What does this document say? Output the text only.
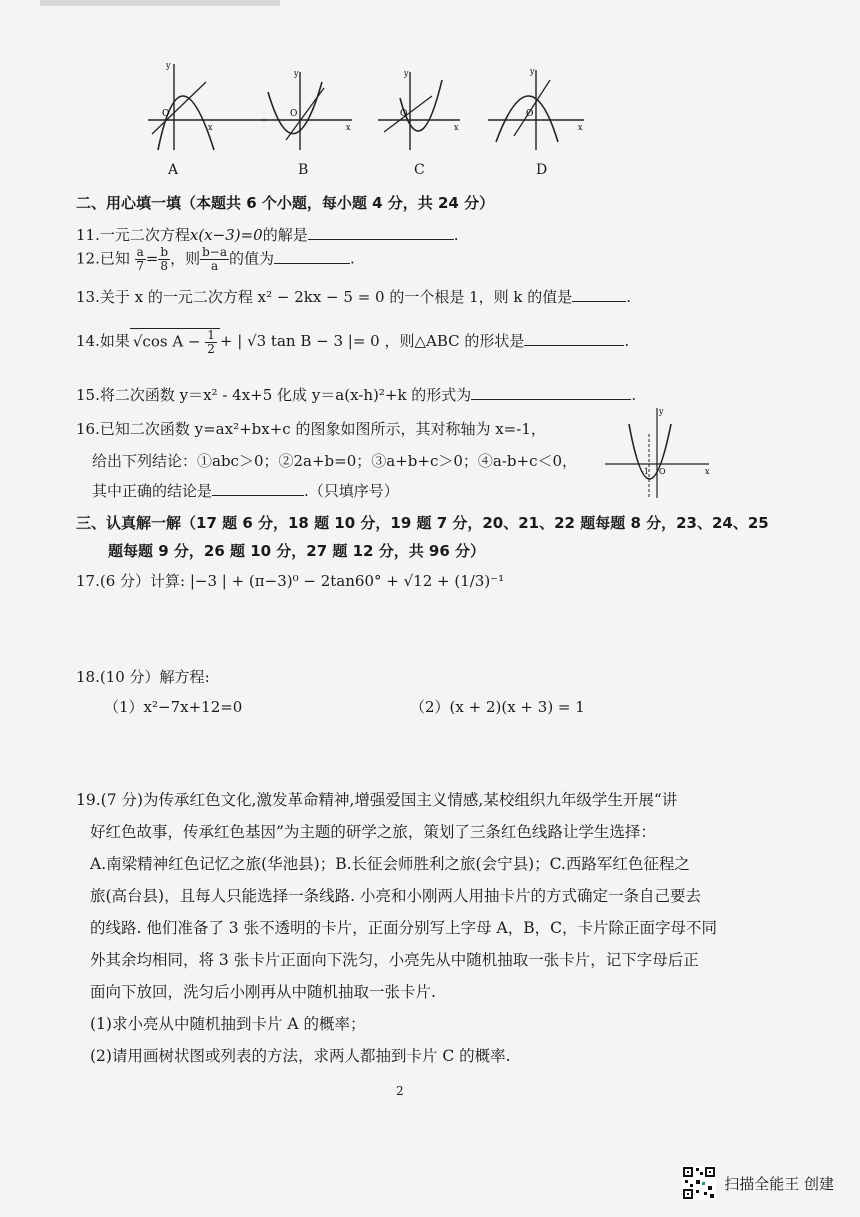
O
y
x
A
O
y
x
B
O
y
x
C
O
y
x
D
二、用心填一填（本题共 6 个小题，每小题 4 分，共 24 分）
11.一元二次方程x(x−3)=0的解是	.
12.已知 $\frac{a}{7} = \frac{b}{8}$ ，则 $\frac{b-a}{a}$ 的值为	.
13.关于 x 的一元二次方程 x² − 2kx − 5 = 0 的一个根是 1，则 k 的值是	.
14.如果 √cos $A - \frac{1}{2}$ + | √3 tan B − 3 |= 0 ，则△ABC 的形状是	.
15.将二次函数 y＝x² - 4x+5 化成 y＝a(x-h)²+k 的形式为	.
16.已知二次函数 y=ax²+bx+c 的图象如图所示，其对称轴为 x=-1，
给出下列结论：①abc＞0；②2a+b=0；③a+b+c＞0；④a-b+c＜0，
其中正确的结论是	.（只填序号）
y
x
-1 O
三、认真解一解（17 题 6 分，18 题 10 分，19 题 7 分，20、21、22 题每题 8 分，23、24、25
题每题 9 分，26 题 10 分，27 题 12 分，共 96 分）
17.(6 分）计算: |−3 | + (π−3)⁰ − 2tan60° + √12 + (1/3)⁻¹
18.(10 分）解方程:
（1）x²−7x+12=0	（2）(x + 2)(x + 3) = 1
19.(7 分)为传承红色文化,激发革命精神,增强爱国主义情感,某校组织九年级学生开展“讲
好红色故事，传承红色基因”为主题的研学之旅，策划了三条红色线路让学生选择：
A.南梁精神红色记忆之旅(华池县)；B.长征会师胜利之旅(会宁县)；C.西路军红色征程之
旅(高台县)，且每人只能选择一条线路. 小亮和小刚两人用抽卡片的方式确定一条自己要去
的线路. 他们准备了 3 张不透明的卡片，正面分别写上字母 A，B，C，卡片除正面字母不同
外其余均相同，将 3 张卡片正面向下洗匀，小亮先从中随机抽取一张卡片，记下字母后正
面向下放回，洗匀后小刚再从中随机抽取一张卡片.
(1)求小亮从中随机抽到卡片 A 的概率；
(2)请用画树状图或列表的方法，求两人都抽到卡片 C 的概率.
2
扫描全能王 创建
